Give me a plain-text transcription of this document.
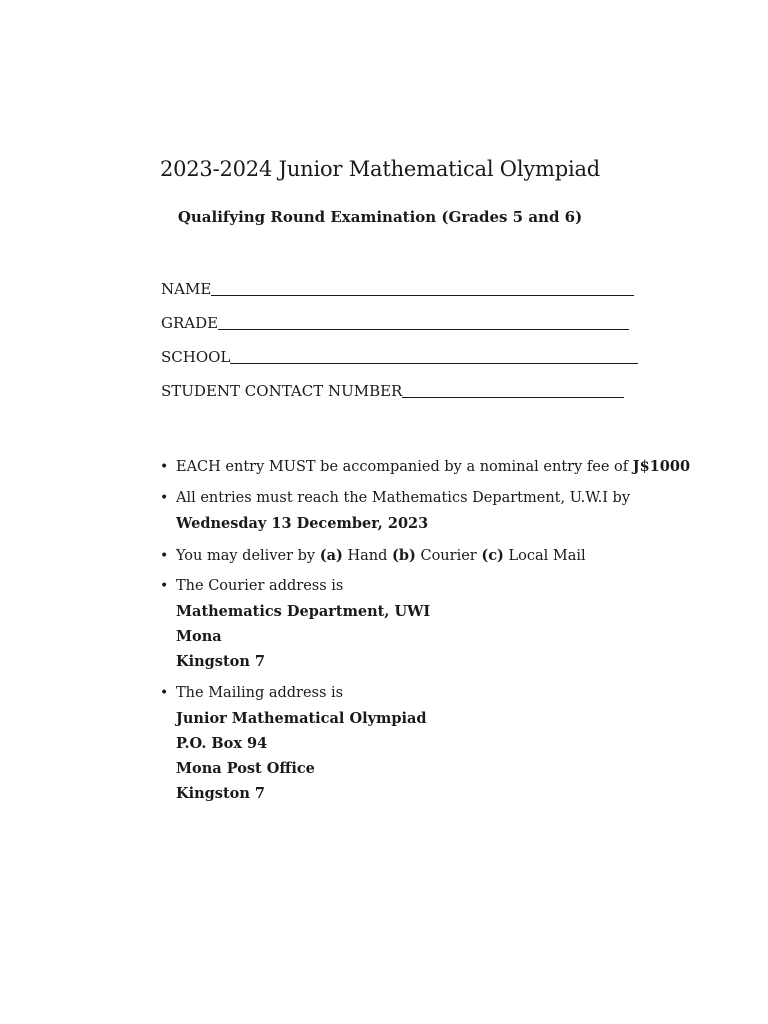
2023-2024 Junior Mathematical Olympiad
Qualifying Round Examination (Grades 5 and 6)
NAME
GRADE
SCHOOL
STUDENT CONTACT NUMBER
• EACH entry MUST be accompanied by a nominal entry fee of J$1000
• All entries must reach the Mathematics Department, U.W.I by
Wednesday 13 December, 2023
• You may deliver by (a) Hand (b) Courier (c) Local Mail
• The Courier address is
Mathematics Department, UWI
Mona
Kingston 7
• The Mailing address is
Junior Mathematical Olympiad
P.O. Box 94
Mona Post Office
Kingston 7
